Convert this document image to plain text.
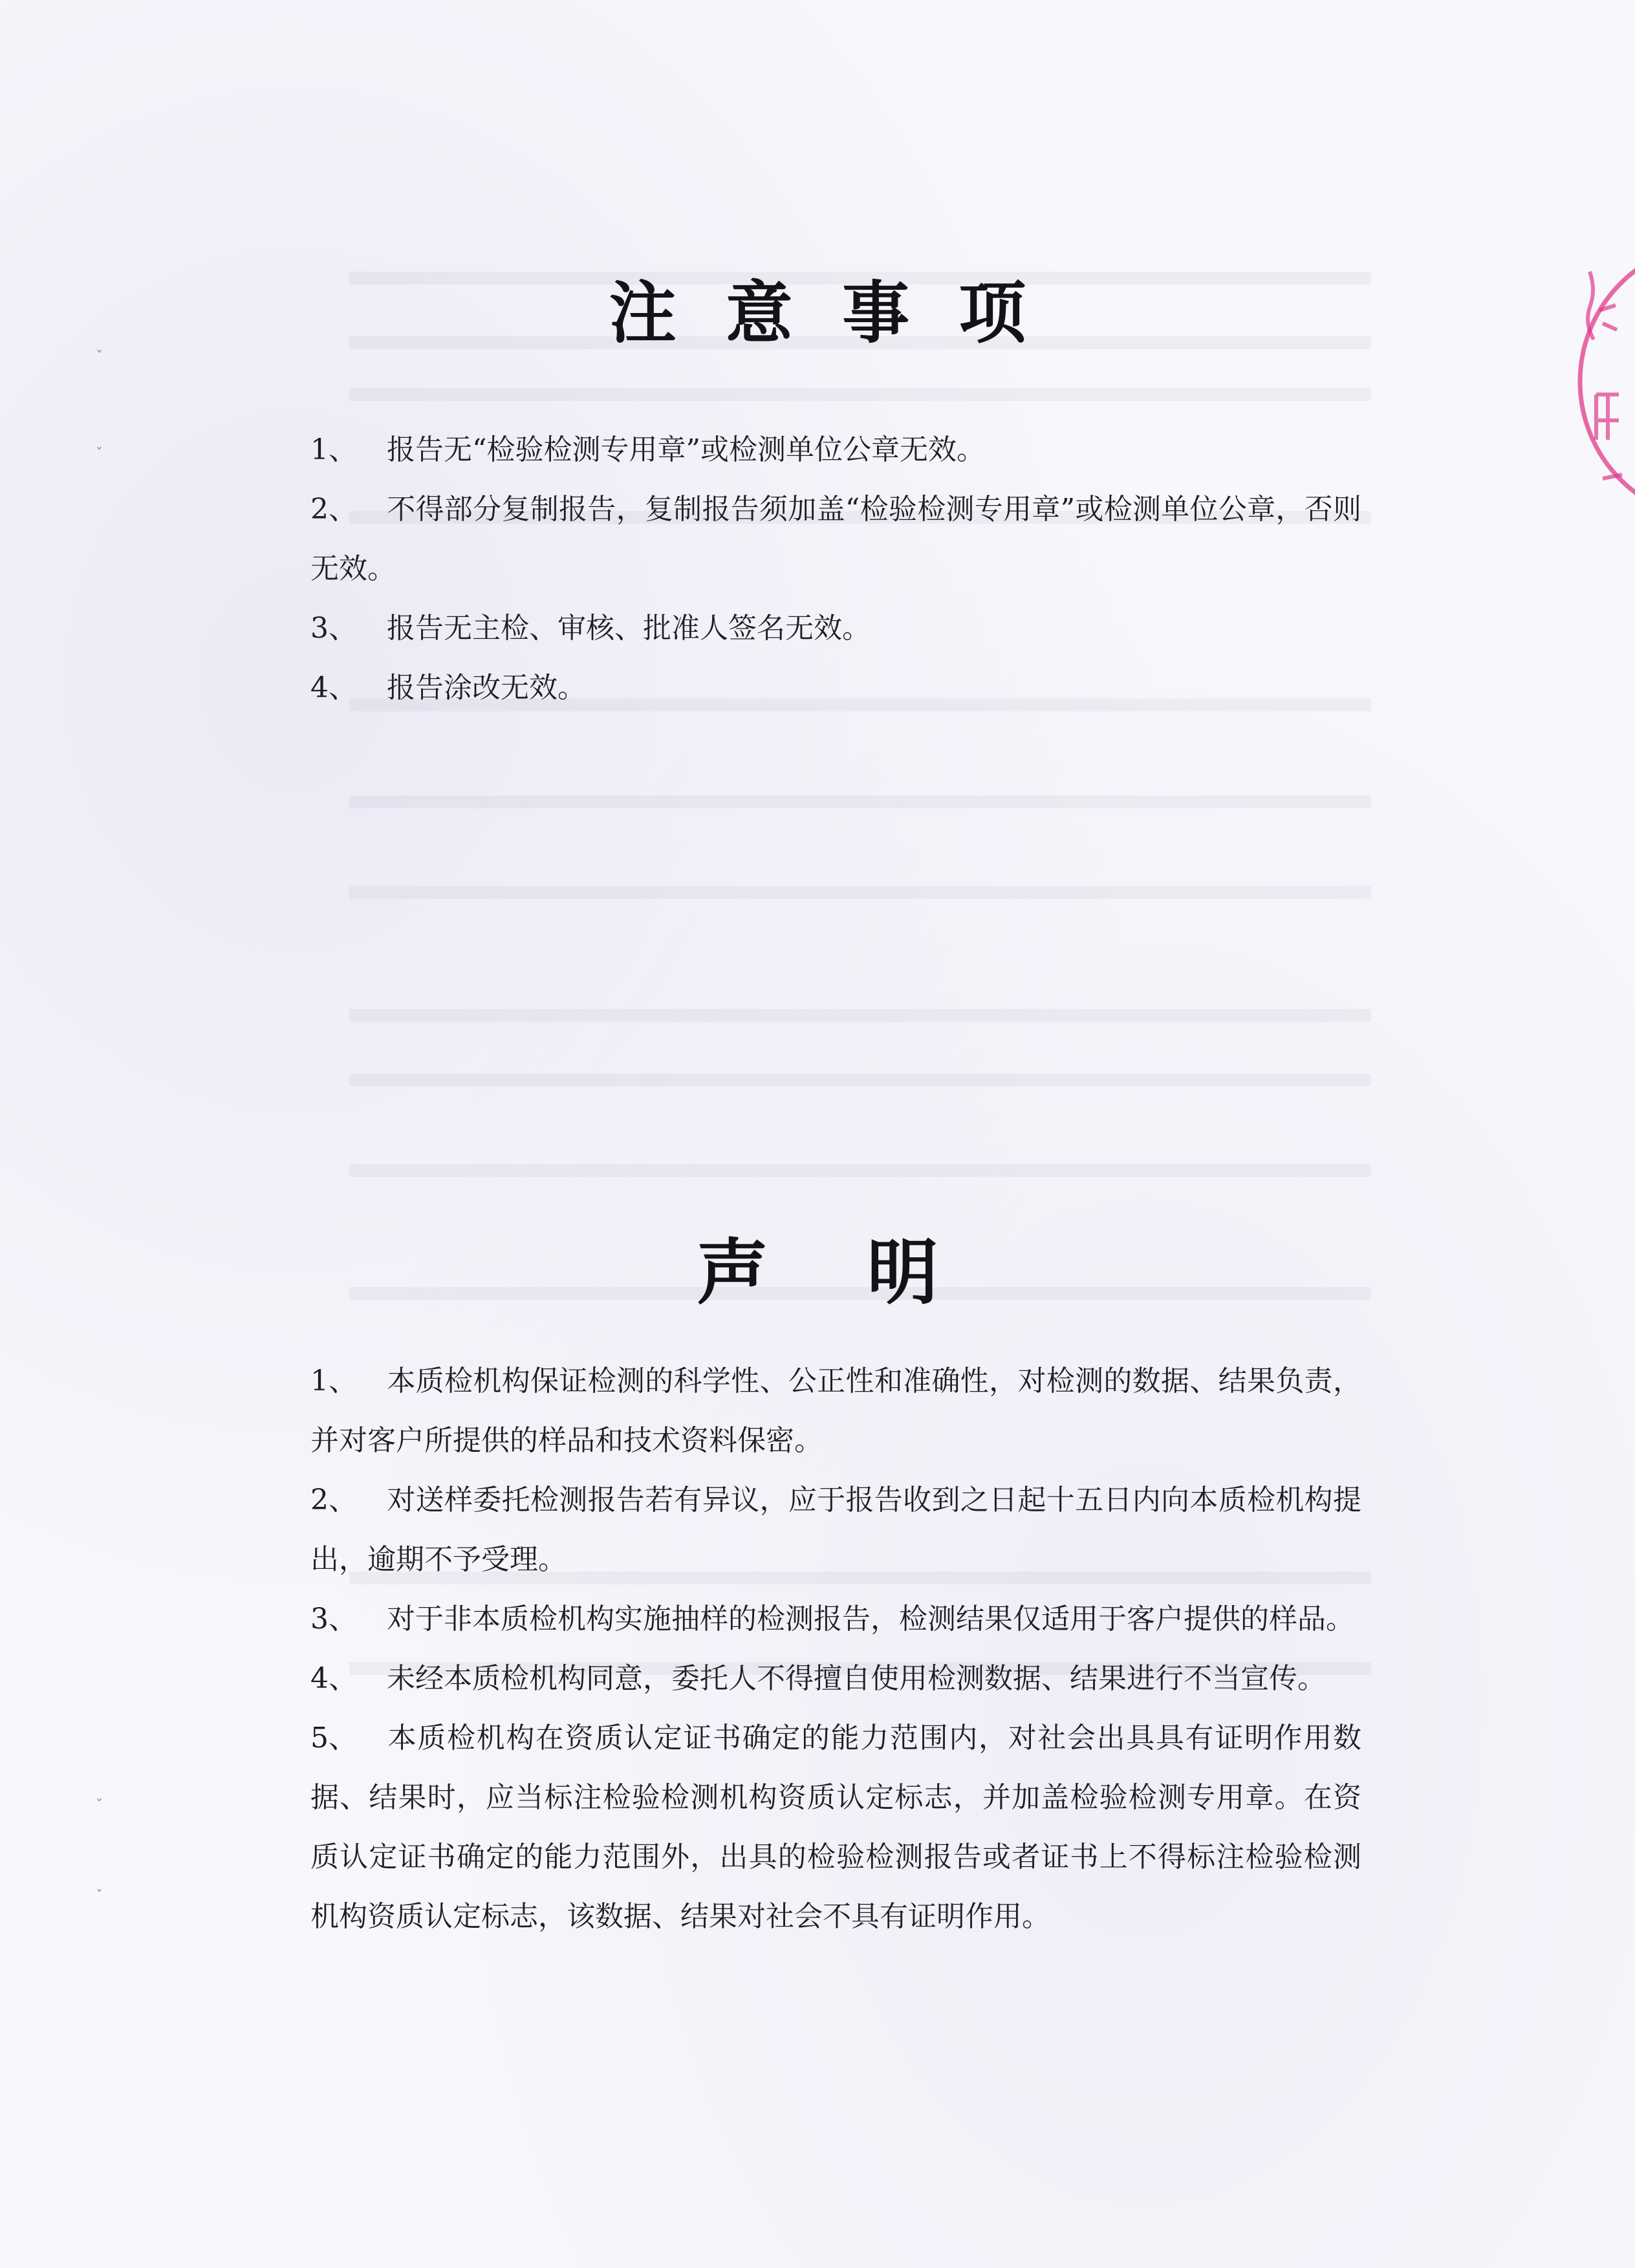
ˇ
ˇ
ˇ
ˇ
注 意 事 项

1、 报告无“检验检测专用章”或检测单位公章无效。

2、 不得部分复制报告，复制报告须加盖“检验检测专用章”或检测单位公章，否则无效。

3、 报告无主检、审核、批准人签名无效。

4、 报告涂改无效。

声    明

1、 本质检机构保证检测的科学性、公正性和准确性，对检测的数据、结果负责，并对客户所提供的样品和技术资料保密。

2、 对送样委托检测报告若有异议，应于报告收到之日起十五日内向本质检机构提出，逾期不予受理。

3、 对于非本质检机构实施抽样的检测报告，检测结果仅适用于客户提供的样品。

4、 未经本质检机构同意，委托人不得擅自使用检测数据、结果进行不当宣传。

5、 本质检机构在资质认定证书确定的能力范围内，对社会出具具有证明作用数据、结果时，应当标注检验检测机构资质认定标志，并加盖检验检测专用章。在资质认定证书确定的能力范围外，出具的检验检测报告或者证书上不得标注检验检测机构资质认定标志，该数据、结果对社会不具有证明作用。
